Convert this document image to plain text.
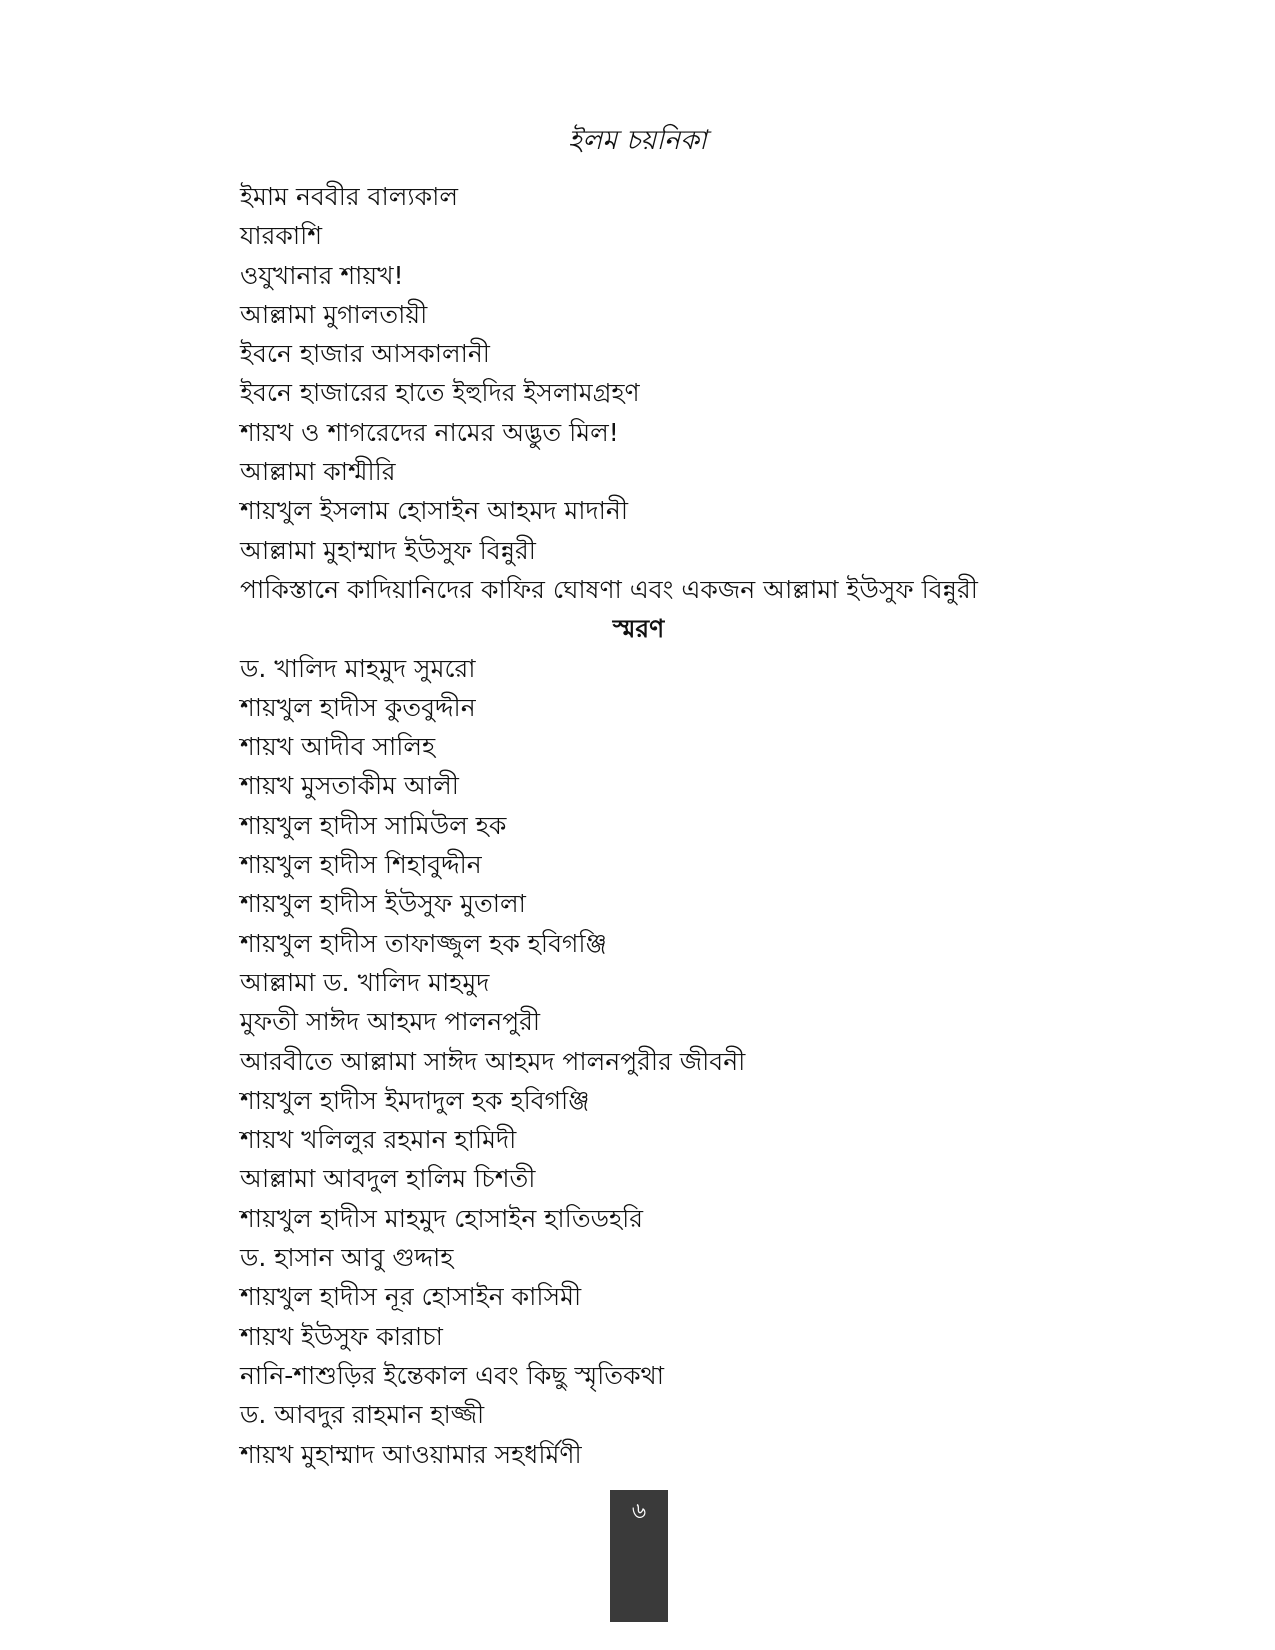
ইলম চয়নিকা
ইমাম নববীর বাল্যকাল
যারকাশি
ওযুখানার শায়খ!
আল্লামা মুগালতায়ী
ইবনে হাজার আসকালানী
ইবনে হাজারের হাতে ইহুদির ইসলামগ্রহণ
শায়খ ও শাগরেদের নামের অদ্ভুত মিল!
আল্লামা কাশ্মীরি
শায়খুল ইসলাম হোসাইন আহমদ মাদানী
আল্লামা মুহাম্মাদ ইউসুফ বিন্নুরী
পাকিস্তানে কাদিয়ানিদের কাফির ঘোষণা এবং একজন আল্লামা ইউসুফ বিন্নুরী
স্মরণ
ড. খালিদ মাহমুদ সুমরো
শায়খুল হাদীস কুতবুদ্দীন
শায়খ আদীব সালিহ
শায়খ মুসতাকীম আলী
শায়খুল হাদীস সামিউল হক
শায়খুল হাদীস শিহাবুদ্দীন
শায়খুল হাদীস ইউসুফ মুতালা
শায়খুল হাদীস তাফাজ্জুল হক হবিগঞ্জি
আল্লামা ড. খালিদ মাহমুদ
মুফতী সাঈদ আহমদ পালনপুরী
আরবীতে আল্লামা সাঈদ আহমদ পালনপুরীর জীবনী
শায়খুল হাদীস ইমদাদুল হক হবিগঞ্জি
শায়খ খলিলুর রহমান হামিদী
আল্লামা আবদুল হালিম চিশতী
শায়খুল হাদীস মাহমুদ হোসাইন হাতিডহরি
ড. হাসান আবু গুদ্দাহ
শায়খুল হাদীস নূর হোসাইন কাসিমী
শায়খ ইউসুফ কারাচা
নানি-শাশুড়ির ইন্তেকাল এবং কিছু স্মৃতিকথা
ড. আবদুর রাহমান হাজ্জী
শায়খ মুহাম্মাদ আওয়ামার সহধর্মিণী
৬
